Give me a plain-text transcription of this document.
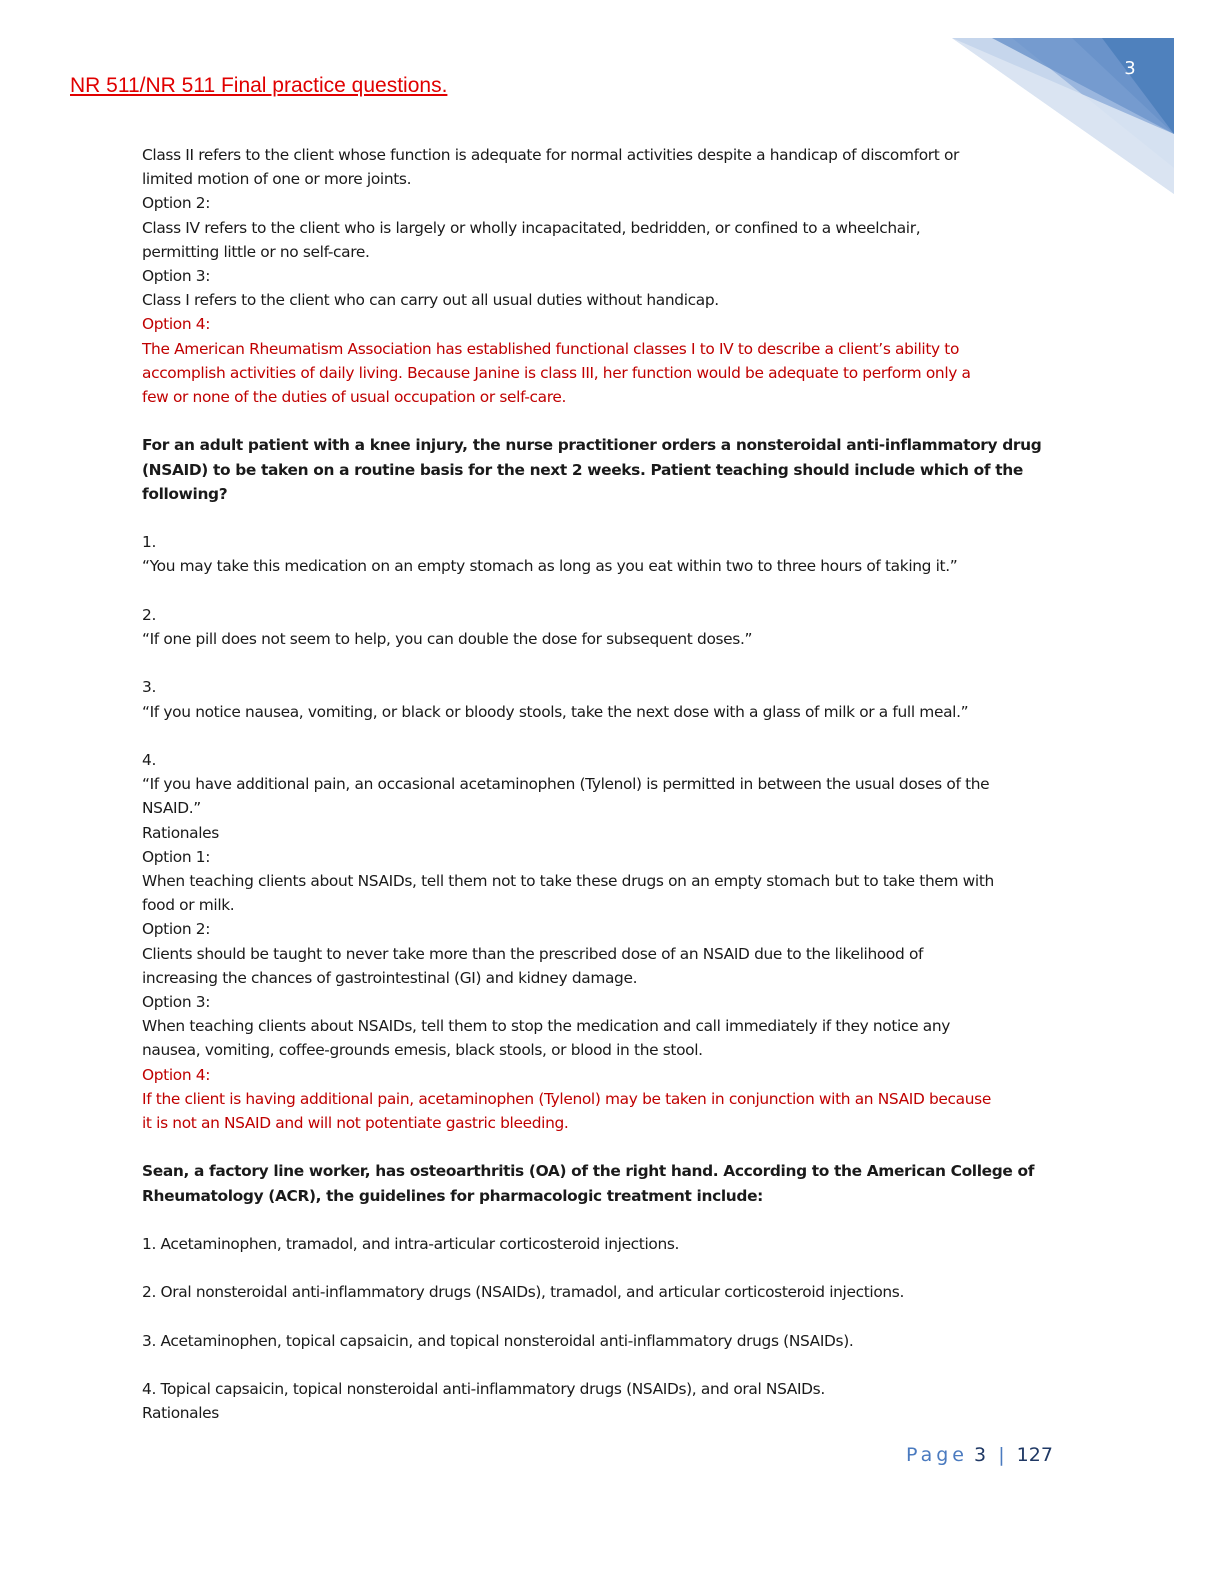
3
NR 511/NR 511 Final practice questions.

Class II refers to the client whose function is adequate for normal activities despite a handicap of discomfort or

limited motion of one or more joints.

Option 2:

Class IV refers to the client who is largely or wholly incapacitated, bedridden, or confined to a wheelchair,

permitting little or no self-care.

Option 3:

Class I refers to the client who can carry out all usual duties without handicap.

Option 4:

The American Rheumatism Association has established functional classes I to IV to describe a client’s ability to

accomplish activities of daily living. Because Janine is class III, her function would be adequate to perform only a

few or none of the duties of usual occupation or self-care.

For an adult patient with a knee injury, the nurse practitioner orders a nonsteroidal anti-inflammatory drug

(NSAID) to be taken on a routine basis for the next 2 weeks. Patient teaching should include which of the

following?

1.

“You may take this medication on an empty stomach as long as you eat within two to three hours of taking it.”

2.

“If one pill does not seem to help, you can double the dose for subsequent doses.”

3.

“If you notice nausea, vomiting, or black or bloody stools, take the next dose with a glass of milk or a full meal.”

4.

“If you have additional pain, an occasional acetaminophen (Tylenol) is permitted in between the usual doses of the

NSAID.”

Rationales

Option 1:

When teaching clients about NSAIDs, tell them not to take these drugs on an empty stomach but to take them with

food or milk.

Option 2:

Clients should be taught to never take more than the prescribed dose of an NSAID due to the likelihood of

increasing the chances of gastrointestinal (GI) and kidney damage.

Option 3:

When teaching clients about NSAIDs, tell them to stop the medication and call immediately if they notice any

nausea, vomiting, coffee-grounds emesis, black stools, or blood in the stool.

Option 4:

If the client is having additional pain, acetaminophen (Tylenol) may be taken in conjunction with an NSAID because

it is not an NSAID and will not potentiate gastric bleeding.

Sean, a factory line worker, has osteoarthritis (OA) of the right hand. According to the American College of

Rheumatology (ACR), the guidelines for pharmacologic treatment include:

1. Acetaminophen, tramadol, and intra-articular corticosteroid injections.

2. Oral nonsteroidal anti-inflammatory drugs (NSAIDs), tramadol, and articular corticosteroid injections.

3. Acetaminophen, topical capsaicin, and topical nonsteroidal anti-inflammatory drugs (NSAIDs).

4. Topical capsaicin, topical nonsteroidal anti-inflammatory drugs (NSAIDs), and oral NSAIDs.

Rationales

Page 3 | 127
